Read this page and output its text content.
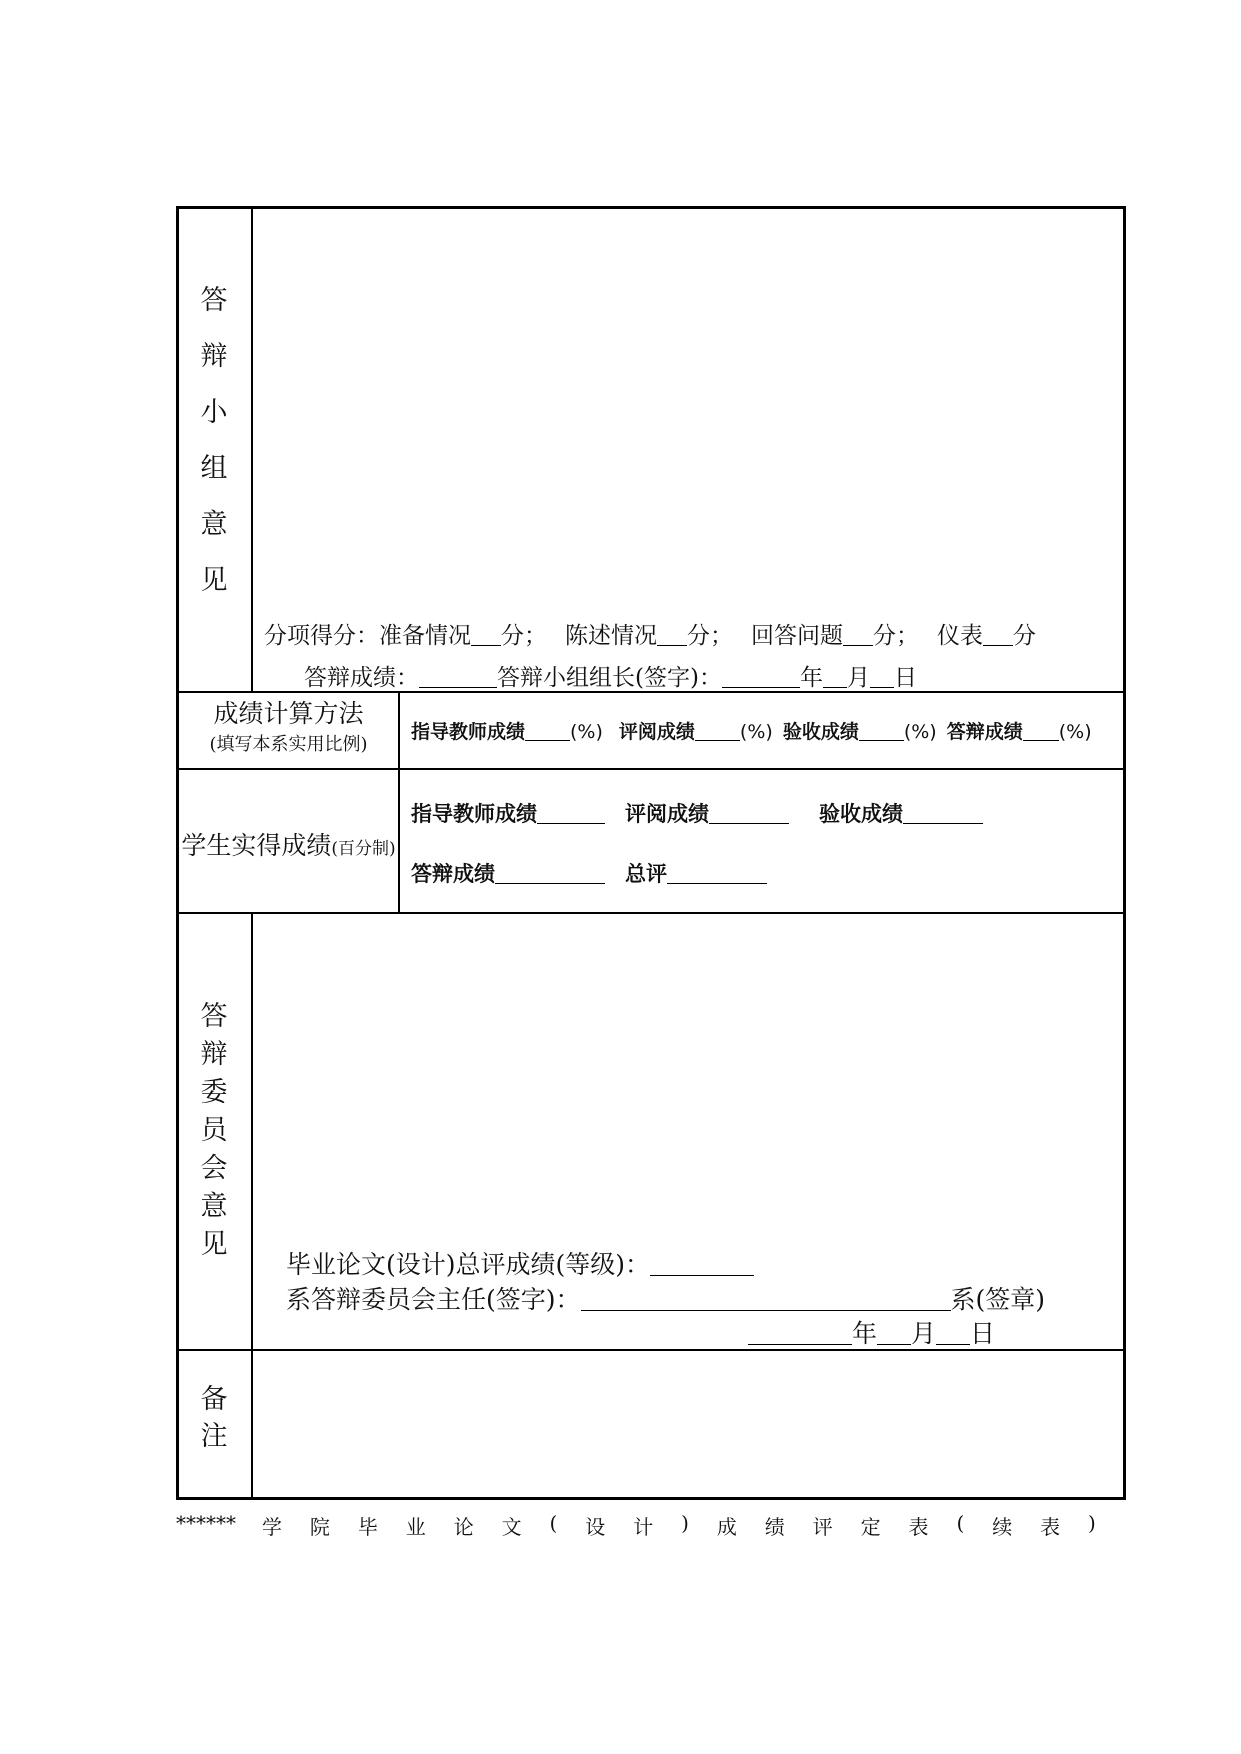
答
辩
小
组
意
见
分项得分：准备情况 分； 陈述情况 分； 回答问题 分； 仪表 分
答辩成绩：	答辩小组组长(签字)：	年 月 日
成绩计算方法
(填写本系实用比例)
指导教师成绩 (%) 评阅成绩 (%) 验收成绩 (%) 答辩成绩 (%)
学生实得成绩(百分制)
指导教师成绩	评阅成绩	验收成绩
答辩成绩	总评
答
辩
委
员
会
意
见
毕业论文(设计)总评成绩(等级)：
系答辩委员会主任(签字)：	系(签章)
年 月 日
备
注
****** 学 院 毕 业 论 文 ( 设 计 ) 成 绩 评 定 表 ( 续 表 )
